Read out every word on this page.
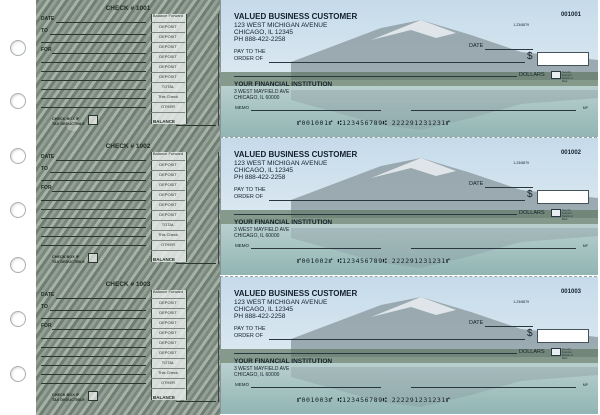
CHECK # 1001
DATE
TO
FOR
Balance Forward
DEPOSIT
DEPOSIT
DEPOSIT
DEPOSIT
DEPOSIT
DEPOSIT
TOTAL
This Check
OTHER
CHECK BOX IF
TAX DEDUCTIBLE	BALANCE
CHECK # 1002
DATE
TO
FOR
Balance Forward
DEPOSIT
DEPOSIT
DEPOSIT
DEPOSIT
DEPOSIT
DEPOSIT
TOTAL
This Check
OTHER
CHECK BOX IF
TAX DEDUCTIBLE	BALANCE
CHECK # 1003
DATE
TO
FOR
Balance Forward
DEPOSIT
DEPOSIT
DEPOSIT
DEPOSIT
DEPOSIT
DEPOSIT
TOTAL
This Check
OTHER
CHECK BOX IF
TAX DEDUCTIBLE	BALANCE
VALUED BUSINESS CUSTOMER
123 WEST MICHIGAN AVENUE
CHICAGO, IL 12345
PH 888-422-2258
001001
1-23/6879
DATE
PAY TO THE
ORDER OF	$
DOLLARS	Security Features Details on Back
YOUR FINANCIAL INSTITUTION
3 WEST MAYFIELD AVE
CHICAGO, IL 60000
MEMO	MP
⑈001001⑈ ⑆123456789⑆ 222291231231⑈
VALUED BUSINESS CUSTOMER
123 WEST MICHIGAN AVENUE
CHICAGO, IL 12345
PH 888-422-2258
001002
1-23/6879
DATE
PAY TO THE
ORDER OF	$
DOLLARS	Security Features Details on Back
YOUR FINANCIAL INSTITUTION
3 WEST MAYFIELD AVE
CHICAGO, IL 60000
MEMO	MP
⑈001002⑈ ⑆123456789⑆ 222291231231⑈
VALUED BUSINESS CUSTOMER
123 WEST MICHIGAN AVENUE
CHICAGO, IL 12345
PH 888-422-2258
001003
1-23/6879
DATE
PAY TO THE
ORDER OF	$
DOLLARS	Security Features Details on Back
YOUR FINANCIAL INSTITUTION
3 WEST MAYFIELD AVE
CHICAGO, IL 60000
MEMO	MP
⑈001003⑈ ⑆123456789⑆ 222291231231⑈
